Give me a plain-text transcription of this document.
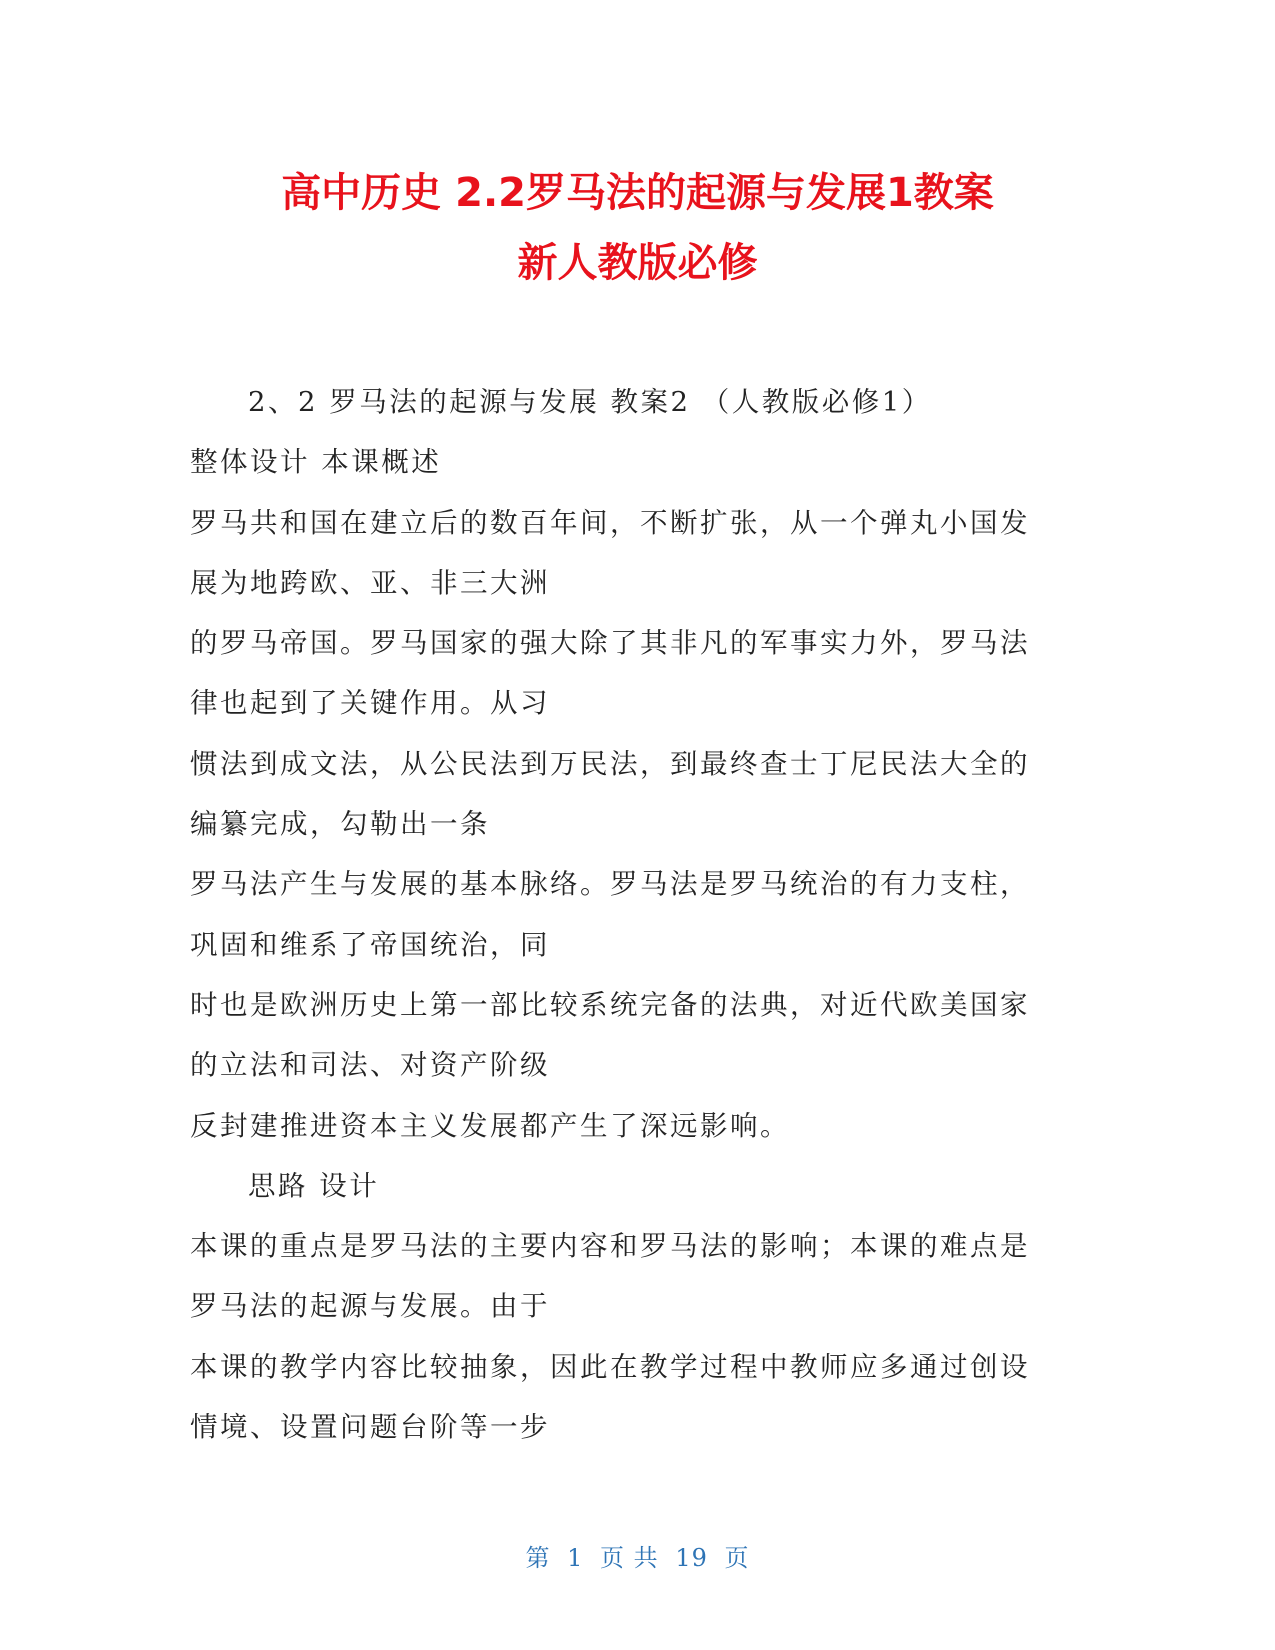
高中历史 2.2罗马法的起源与发展1教案
新人教版必修
2、2 罗马法的起源与发展 教案2 （人教版必修1）
整体设计 本课概述
罗马共和国在建立后的数百年间，不断扩张，从一个弹丸小国发
展为地跨欧、亚、非三大洲
的罗马帝国。罗马国家的强大除了其非凡的军事实力外，罗马法
律也起到了关键作用。从习
惯法到成文法，从公民法到万民法，到最终查士丁尼民法大全的
编纂完成，勾勒出一条
罗马法产生与发展的基本脉络。罗马法是罗马统治的有力支柱，
巩固和维系了帝国统治，同
时也是欧洲历史上第一部比较系统完备的法典，对近代欧美国家
的立法和司法、对资产阶级
反封建推进资本主义发展都产生了深远影响。
思路 设计
本课的重点是罗马法的主要内容和罗马法的影响；本课的难点是
罗马法的起源与发展。由于
本课的教学内容比较抽象，因此在教学过程中教师应多通过创设
情境、设置问题台阶等一步
第 1 页 共 19 页
